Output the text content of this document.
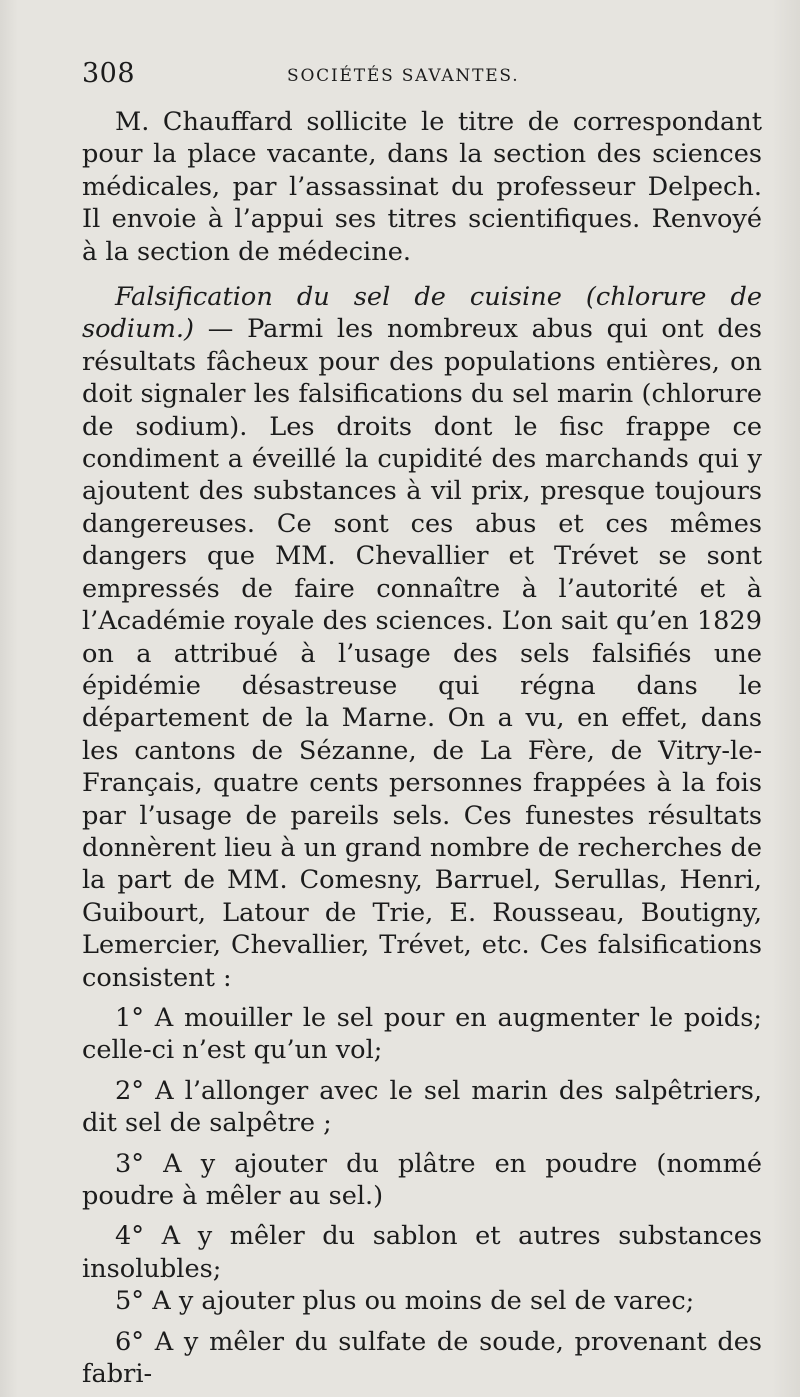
308	SOCIÉTÉS SAVANTES.

M. Chauffard sollicite le titre de correspondant pour la place vacante, dans la section des sciences médicales, par l’assassinat du professeur Delpech. Il envoie à l’appui ses titres scientifiques. Renvoyé à la section de médecine.

Falsification du sel de cuisine (chlorure de sodium.) — Parmi les nombreux abus qui ont des résultats fâcheux pour des populations entières, on doit signaler les falsifications du sel marin (chlorure de sodium). Les droits dont le fisc frappe ce condiment a éveillé la cupidité des marchands qui y ajoutent des substances à vil prix, presque toujours dangereuses. Ce sont ces abus et ces mêmes dangers que MM. Chevallier et Trévet se sont empressés de faire connaître à l’autorité et à l’Académie royale des sciences. L’on sait qu’en 1829 on a attribué à l’usage des sels falsifiés une épidémie désastreuse qui régna dans le département de la Marne. On a vu, en effet, dans les cantons de Sézanne, de La Fère, de Vitry-le-Français, quatre cents personnes frappées à la fois par l’usage de pareils sels. Ces funestes résultats donnèrent lieu à un grand nombre de recherches de la part de MM. Comesny, Barruel, Serullas, Henri, Guibourt, Latour de Trie, E. Rousseau, Boutigny, Lemercier, Chevallier, Trévet, etc. Ces falsifications consistent :

1° A mouiller le sel pour en augmenter le poids; celle-ci n’est qu’un vol;

2° A l’allonger avec le sel marin des salpêtriers, dit sel de salpêtre ;

3° A y ajouter du plâtre en poudre (nommé poudre à mêler au sel.)

4° A y mêler du sablon et autres substances insolubles;

5° A y ajouter plus ou moins de sel de varec;

6° A y mêler du sulfate de soude, provenant des fabri-
